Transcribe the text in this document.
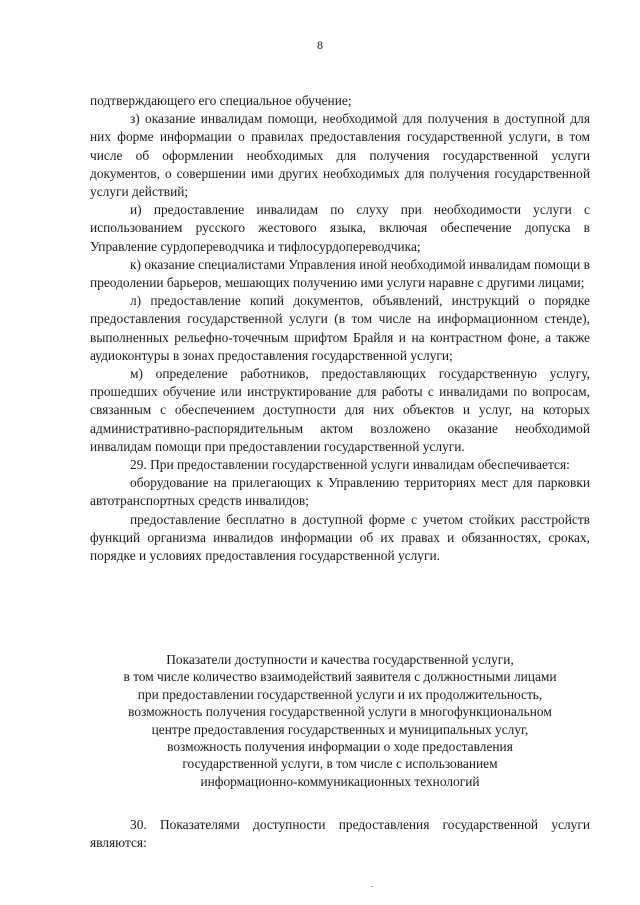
8

подтверждающего его специальное обучение;

з) оказание инвалидам помощи, необходимой для получения в доступной для них форме информации о правилах предоставления государственной услуги, в том числе об оформлении необходимых для получения государственной услуги документов, о совершении ими других необходимых для получения государственной услуги действий;

и) предоставление инвалидам по слуху при необходимости услуги с использованием русского жестового языка, включая обеспечение допуска в Управление сурдопереводчика и тифлосурдопереводчика;

к) оказание специалистами Управления иной необходимой инвалидам помощи в преодолении барьеров, мешающих получению ими услуги наравне с другими лицами;

л) предоставление копий документов, объявлений, инструкций о порядке предоставления государственной услуги (в том числе на информационном стенде), выполненных рельефно-точечным шрифтом Брайля и на контрастном фоне, а также аудиоконтуры в зонах предоставления государственной услуги;

м) определение работников, предоставляющих государственную услугу, прошедших обучение или инструктирование для работы с инвалидами по вопросам, связанным с обеспечением доступности для них объектов и услуг, на которых административно-распорядительным актом возложено оказание необходимой инвалидам помощи при предоставлении государственной услуги.

29. При предоставлении государственной услуги инвалидам обеспечивается:

оборудование на прилегающих к Управлению территориях мест для парковки автотранспортных средств инвалидов;

предоставление бесплатно в доступной форме с учетом стойких расстройств функций организма инвалидов информации об их правах и обязанностях, сроках, порядке и условиях предоставления государственной услуги.

Показатели доступности и качества государственной услуги,
в том числе количество взаимодействий заявителя с должностными лицами
при предоставлении государственной услуги и их продолжительность,
возможность получения государственной услуги в многофункциональном
центре предоставления государственных и муниципальных услуг,
возможность получения информации о ходе предоставления
государственной услуги, в том числе с использованием
информационно-коммуникационных технологий

30. Показателями доступности предоставления государственной услуги являются:
